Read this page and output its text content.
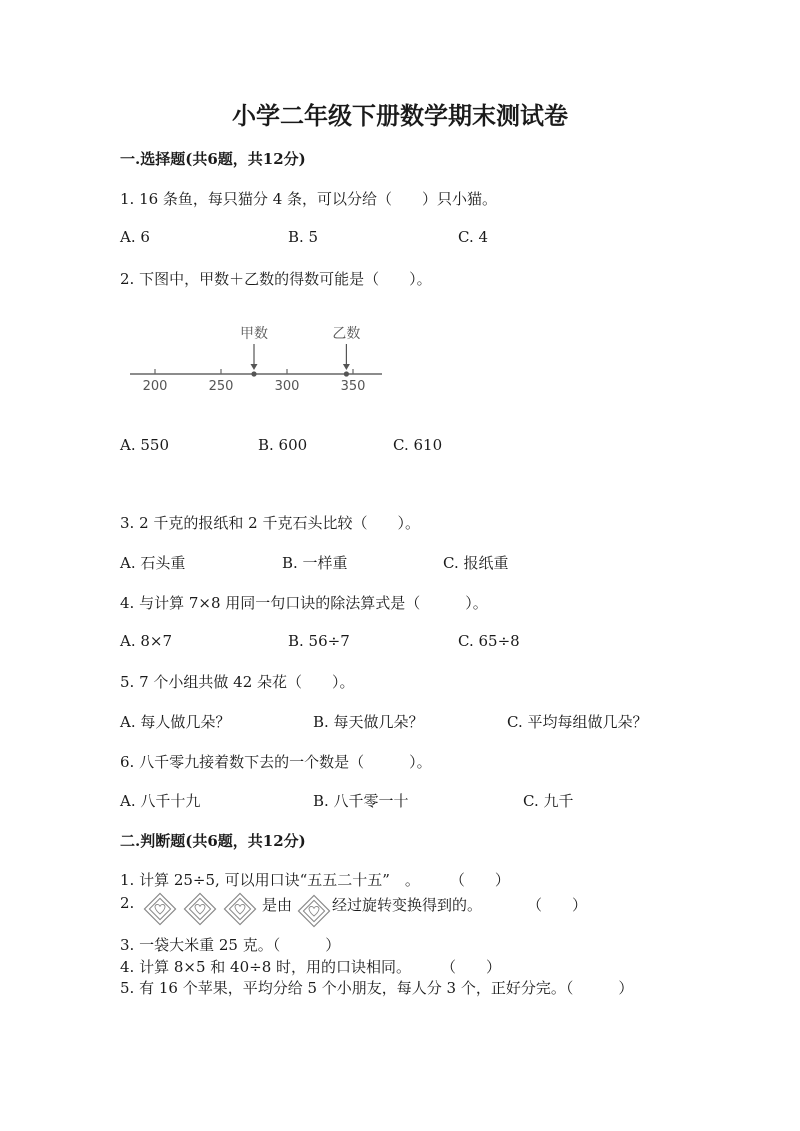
小学二年级下册数学期末测试卷
一.选择题(共6题，共12分)
1. 16 条鱼，每只猫分 4 条，可以分给（　　）只小猫。
A. 6	B. 5	C. 4
2. 下图中，甲数＋乙数的得数可能是（　　）。
200	250	300	350
甲数	乙数
A. 550	B. 600	C. 610
3. 2 千克的报纸和 2 千克石头比较（　　）。
A. 石头重	B. 一样重	C. 报纸重
4. 与计算 7×8 用同一句口诀的除法算式是（　　　）。
A. 8×7	B. 56÷7	C. 65÷8
5. 7 个小组共做 42 朵花（　　）。
A. 每人做几朵？	B. 每天做几朵？	C. 平均每组做几朵？
6. 八千零九接着数下去的一个数是（　　　）。
A. 八千十九	B. 八千零一十	C. 九千
二.判断题(共6题，共12分)
1. 计算 25÷5, 可以用口诀“五五二十五”　。　　　（　　）
2.	是由	经过旋转变换得到的。　　　　（　　）
3. 一袋大米重 25 克。（　　　）
4. 计算 8×5 和 40÷8 时，用的口诀相同。　　　（　　）
5. 有 16 个苹果，平均分给 5 个小朋友，每人分 3 个，正好分完。（　　　）
